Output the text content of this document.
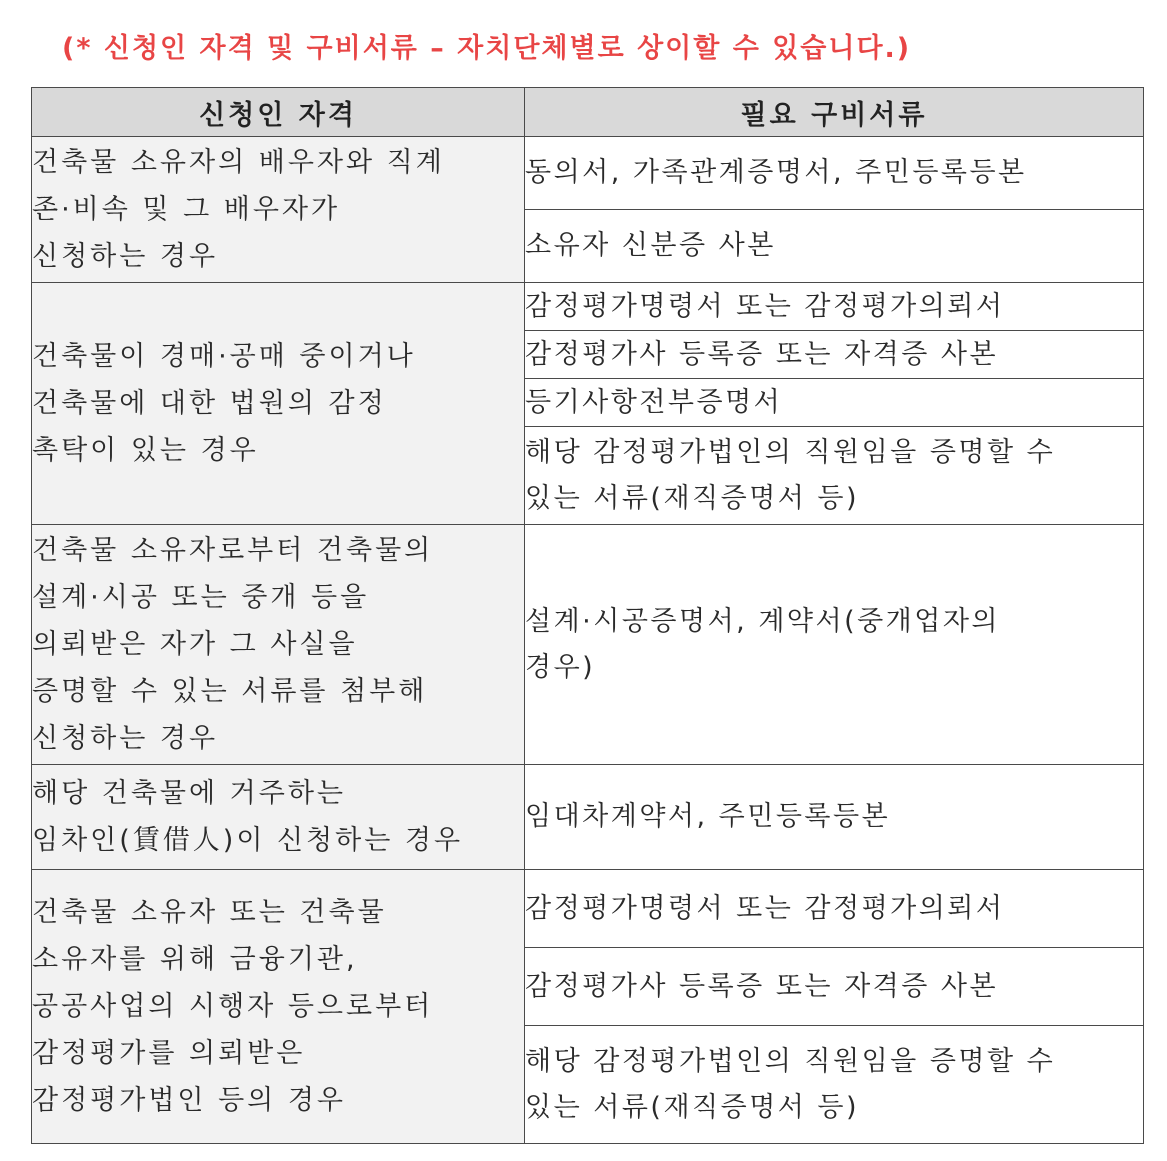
(* 신청인 자격 및 구비서류 – 자치단체별로 상이할 수 있습니다.)
신청인 자격	필요 구비서류
건축물 소유자의 배우자와 직계
존·비속 및 그 배우자가
신청하는 경우	동의서, 가족관계증명서, 주민등록등본
	소유자 신분증 사본
건축물이 경매·공매 중이거나
건축물에 대한 법원의 감정
촉탁이 있는 경우	감정평가명령서 또는 감정평가의뢰서
	감정평가사 등록증 또는 자격증 사본
	등기사항전부증명서
	해당 감정평가법인의 직원임을 증명할 수
있는 서류(재직증명서 등)
건축물 소유자로부터 건축물의
설계·시공 또는 중개 등을
의뢰받은 자가 그 사실을
증명할 수 있는 서류를 첨부해
신청하는 경우	설계·시공증명서, 계약서(중개업자의
경우)
해당 건축물에 거주하는
임차인(賃借人)이 신청하는 경우	임대차계약서, 주민등록등본
건축물 소유자 또는 건축물
소유자를 위해 금융기관,
공공사업의 시행자 등으로부터
감정평가를 의뢰받은
감정평가법인 등의 경우	감정평가명령서 또는 감정평가의뢰서
	감정평가사 등록증 또는 자격증 사본
	해당 감정평가법인의 직원임을 증명할 수
있는 서류(재직증명서 등)
